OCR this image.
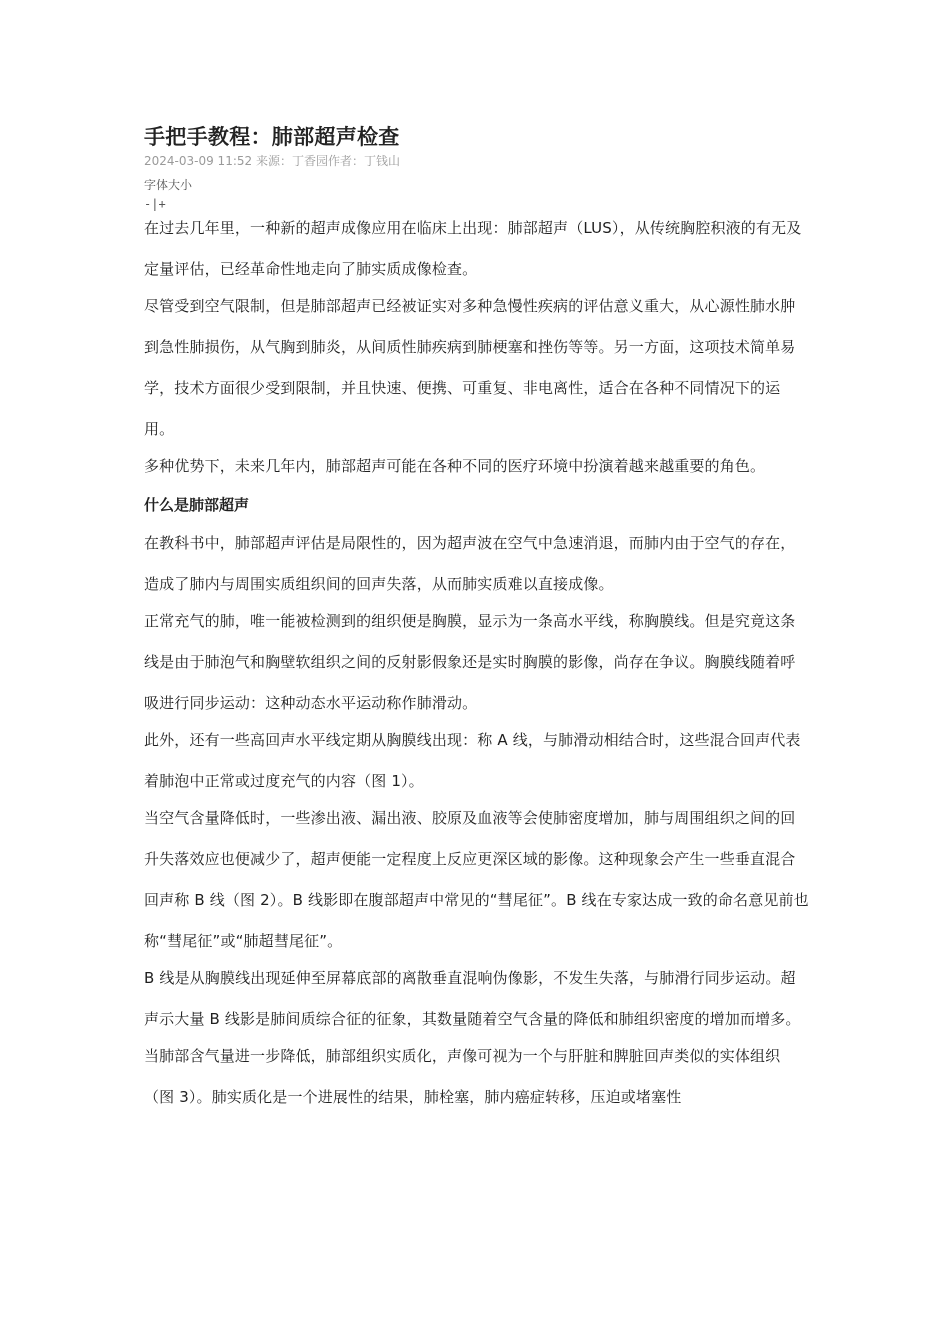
手把手教程：肺部超声检查
2024-03-09 11:52 来源：丁香园作者：丁钱山
字体大小
-|+

在过去几年里，一种新的超声成像应用在临床上出现：肺部超声（LUS），从传统胸腔积液的有无及定量评估，已经革命性地走向了肺实质成像检查。

尽管受到空气限制，但是肺部超声已经被证实对多种急慢性疾病的评估意义重大，从心源性肺水肿到急性肺损伤，从气胸到肺炎，从间质性肺疾病到肺梗塞和挫伤等等。另一方面，这项技术简单易学，技术方面很少受到限制，并且快速、便携、可重复、非电离性，适合在各种不同情况下的运用。

多种优势下，未来几年内，肺部超声可能在各种不同的医疗环境中扮演着越来越重要的角色。

什么是肺部超声

在教科书中，肺部超声评估是局限性的，因为超声波在空气中急速消退，而肺内由于空气的存在，造成了肺内与周围实质组织间的回声失落，从而肺实质难以直接成像。

正常充气的肺，唯一能被检测到的组织便是胸膜，显示为一条高水平线，称胸膜线。但是究竟这条线是由于肺泡气和胸壁软组织之间的反射影假象还是实时胸膜的影像，尚存在争议。胸膜线随着呼吸进行同步运动：这种动态水平运动称作肺滑动。

此外，还有一些高回声水平线定期从胸膜线出现：称 A 线，与肺滑动相结合时，这些混合回声代表着肺泡中正常或过度充气的内容（图 1）。

当空气含量降低时，一些渗出液、漏出液、胶原及血液等会使肺密度增加，肺与周围组织之间的回升失落效应也便减少了，超声便能一定程度上反应更深区域的影像。这种现象会产生一些垂直混合回声称 B 线（图 2）。B 线影即在腹部超声中常见的“彗尾征”。B 线在专家达成一致的命名意见前也称“彗尾征”或“肺超彗尾征”。

B 线是从胸膜线出现延伸至屏幕底部的离散垂直混响伪像影，不发生失落，与肺滑行同步运动。超声示大量 B 线影是肺间质综合征的征象，其数量随着空气含量的降低和肺组织密度的增加而增多。

当肺部含气量进一步降低，肺部组织实质化，声像可视为一个与肝脏和脾脏回声类似的实体组织（图 3）。肺实质化是一个进展性的结果，肺栓塞，肺内癌症转移，压迫或堵塞性
